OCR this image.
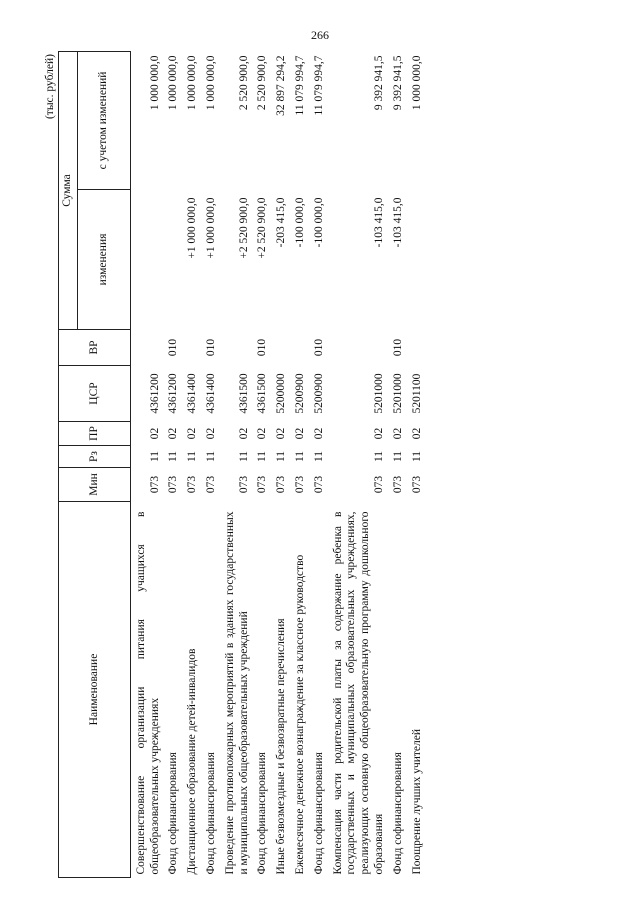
266
(тыс. рублей)
Наименование	Мин	Рз	ПР	ЦСР	ВР	Сумма	
						изменения	с учетом изменений
Совершенствование организации питания учащихся в общеобразовательных учреждениях	073	11	02	4361200			1 000 000,0
Фонд софинансирования	073	11	02	4361200	010		1 000 000,0
Дистанционное образование детей-инвалидов	073	11	02	4361400		+1 000 000,0	1 000 000,0
Фонд софинансирования	073	11	02	4361400	010	+1 000 000,0	1 000 000,0
Проведение противопожарных мероприятий в зданиях государственных и муниципальных общеобразовательных учреждений	073	11	02	4361500		+2 520 900,0	2 520 900,0
Фонд софинансирования	073	11	02	4361500	010	+2 520 900,0	2 520 900,0
Иные безвозмездные и безвозвратные перечисления	073	11	02	5200000		-203 415,0	32 897 294,2
Ежемесячное денежное вознаграждение за классное руководство	073	11	02	5200900		-100 000,0	11 079 994,7
Фонд софинансирования	073	11	02	5200900	010	-100 000,0	11 079 994,7
Компенсация части родительской платы за содержание ребенка в государственных и муниципальных образовательных учреждениях, реализующих основную общеобразовательную программу дошкольного образования	073	11	02	5201000		-103 415,0	9 392 941,5
Фонд софинансирования	073	11	02	5201000	010	-103 415,0	9 392 941,5
Поощрение лучших учителей	073	11	02	5201100			1 000 000,0
